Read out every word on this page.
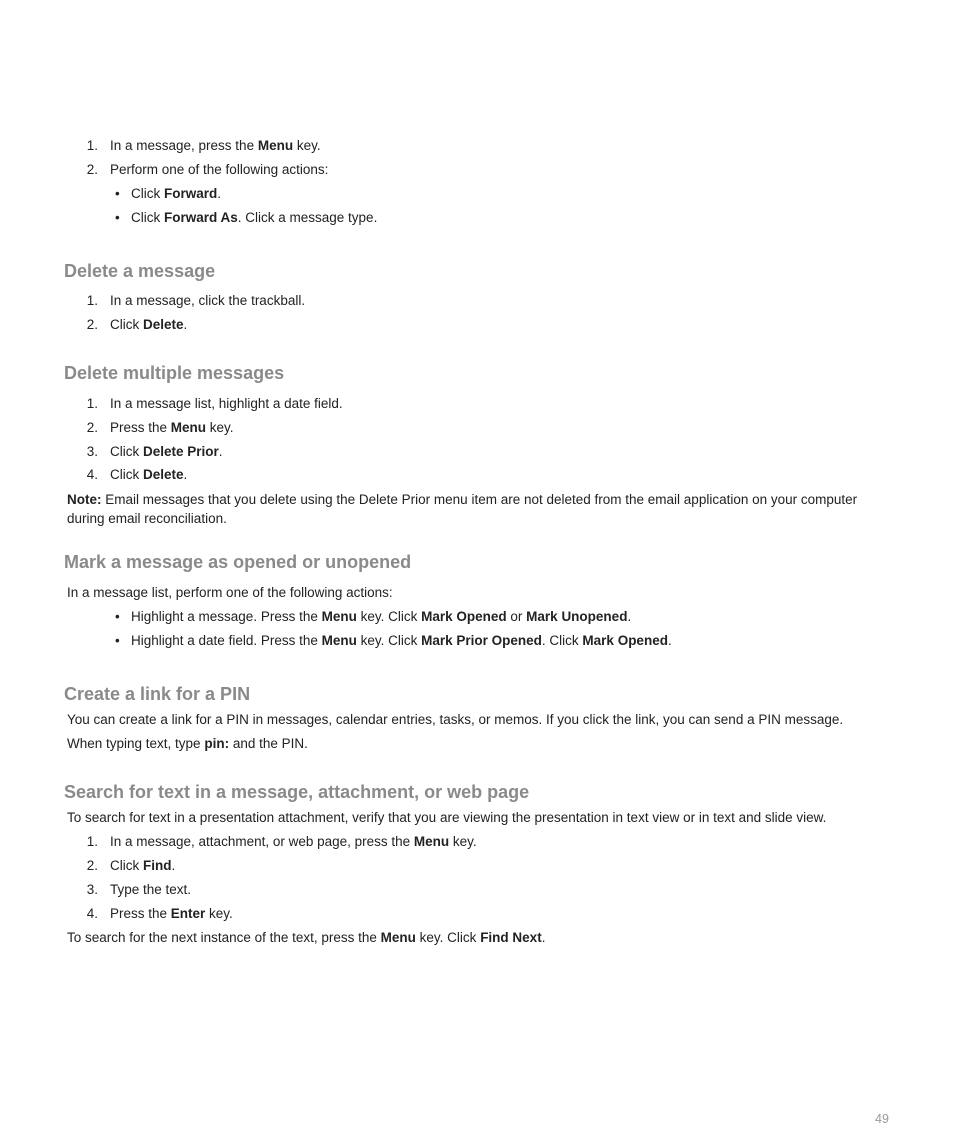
1. In a message, press the Menu key.
2. Perform one of the following actions:
• Click Forward.
• Click Forward As. Click a message type.
Delete a message
1. In a message, click the trackball.
2. Click Delete.
Delete multiple messages
1. In a message list, highlight a date field.
2. Press the Menu key.
3. Click Delete Prior.
4. Click Delete.
Note: Email messages that you delete using the Delete Prior menu item are not deleted from the email application on your computer
during email reconciliation.
Mark a message as opened or unopened
In a message list, perform one of the following actions:
• Highlight a message. Press the Menu key. Click Mark Opened or Mark Unopened.
• Highlight a date field. Press the Menu key. Click Mark Prior Opened. Click Mark Opened.
Create a link for a PIN
You can create a link for a PIN in messages, calendar entries, tasks, or memos. If you click the link, you can send a PIN message.
When typing text, type pin: and the PIN.
Search for text in a message, attachment, or web page
To search for text in a presentation attachment, verify that you are viewing the presentation in text view or in text and slide view.
1. In a message, attachment, or web page, press the Menu key.
2. Click Find.
3. Type the text.
4. Press the Enter key.
To search for the next instance of the text, press the Menu key. Click Find Next.
49
